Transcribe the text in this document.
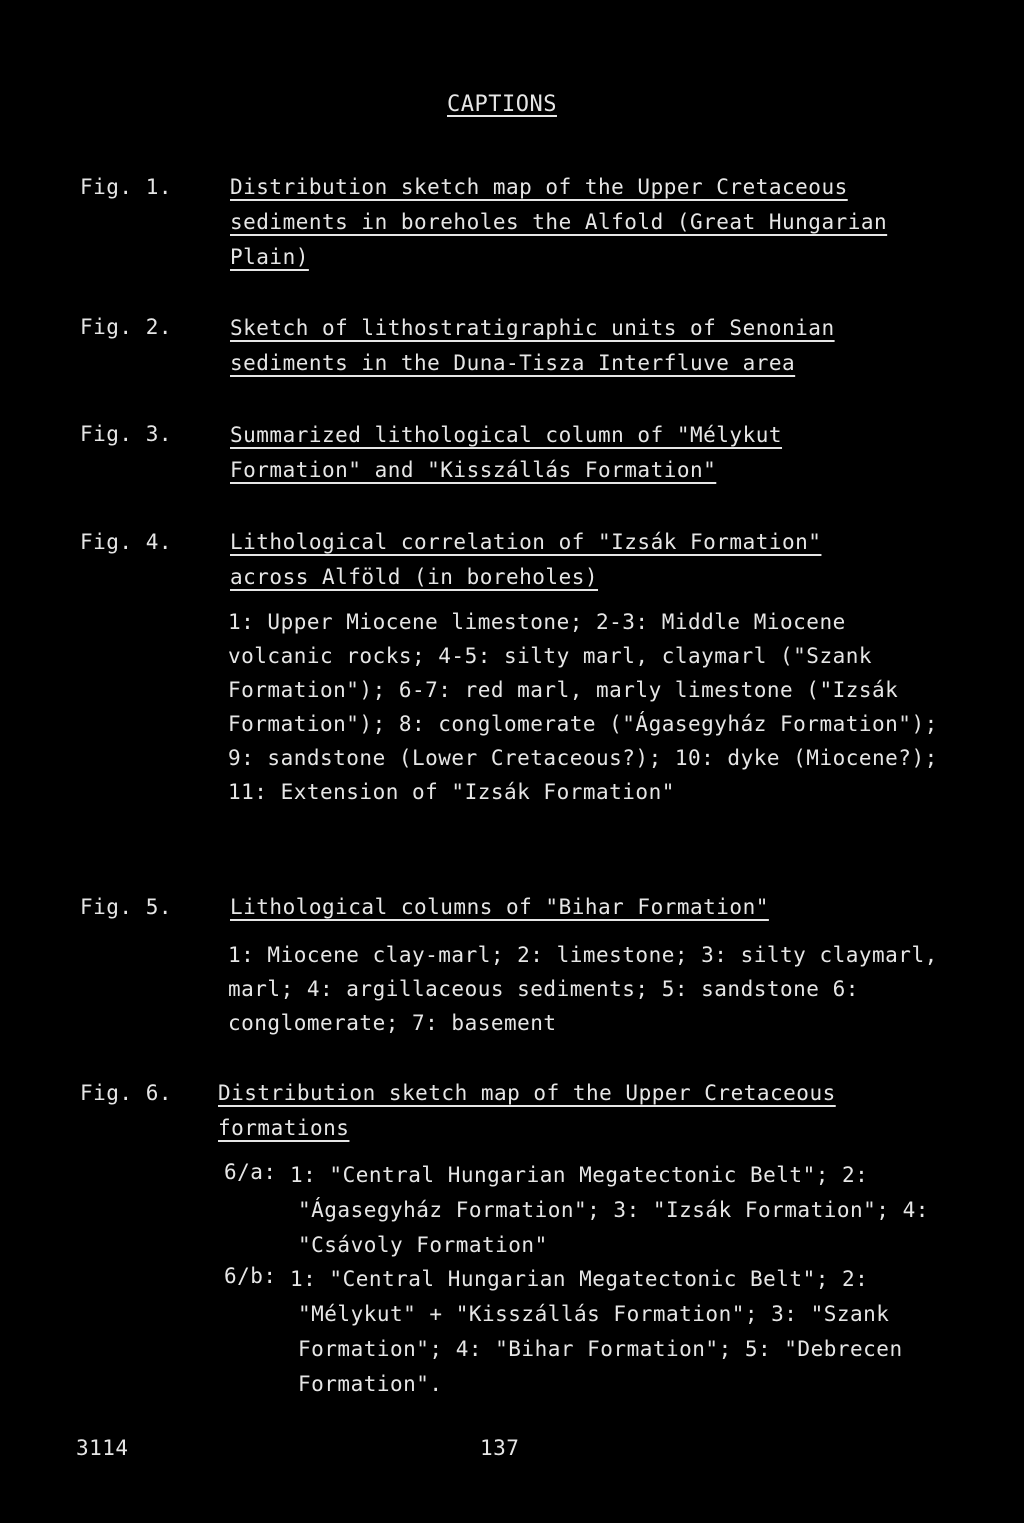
CAPTIONS
Fig. 1.	Distribution sketch map of the Upper Cretaceous sediments in boreholes the Alfold (Great Hungarian Plain)
Fig. 2.	Sketch of lithostratigraphic units of Senonian sediments in the Duna-Tisza Interfluve area
Fig. 3.	Summarized lithological column of "Mélykut Formation" and "Kisszállás Formation"
Fig. 4.	Lithological correlation of "Izsák Formation" across Alföld (in boreholes)
1: Upper Miocene limestone; 2-3: Middle Miocene volcanic rocks; 4-5: silty marl, claymarl ("Szank Formation"); 6-7: red marl, marly limestone ("Izsák Formation"); 8: conglomerate ("Ágasegyház Formation"); 9: sandstone (Lower Cretaceous?); 10: dyke (Miocene?); 11: Extension of "Izsák Formation"
Fig. 5.	Lithological columns of "Bihar Formation"
1: Miocene clay-marl; 2: limestone; 3: silty claymarl, marl; 4: argillaceous sediments; 5: sandstone 6: conglomerate; 7: basement
Fig. 6. Distribution sketch map of the Upper Cretaceous formations
6/a: 1: "Central Hungarian Megatectonic Belt"; 2: "Ágasegyház Formation"; 3: "Izsák Formation"; 4: "Csávoly Formation"
6/b: 1: "Central Hungarian Megatectonic Belt"; 2: "Mélykut" + "Kisszállás Formation"; 3: "Szank Formation"; 4: "Bihar Formation"; 5: "Debrecen Formation".
3114	137
